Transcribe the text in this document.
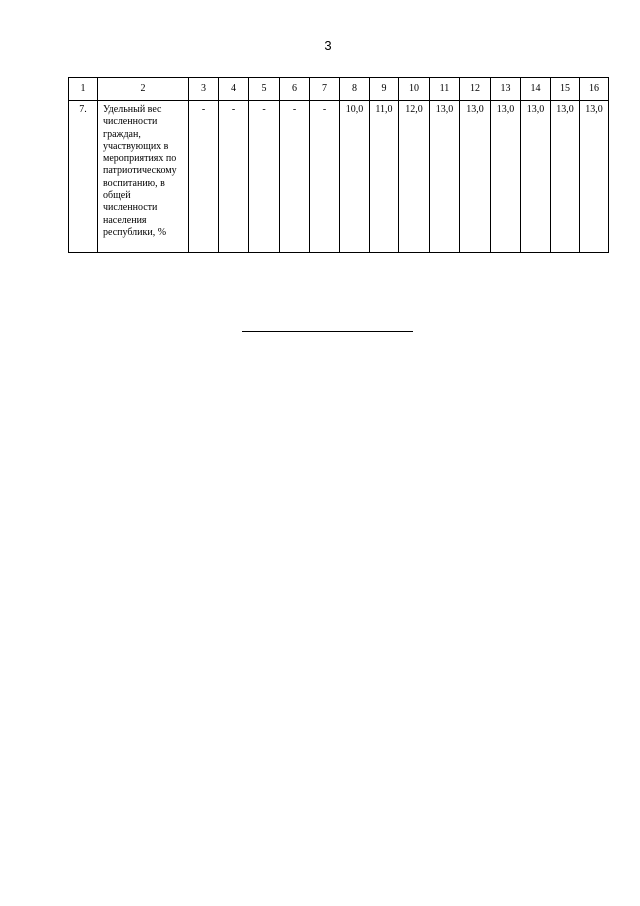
3
1	2	3	4	5	6	7	8	9	10	11	12	13	14	15	16
7.	Удельный вес численности граждан, участвующих в мероприятиях по патриотическому воспитанию, в общей численности населения республики, %	-	-	-	-	-	10,0	11,0	12,0	13,0	13,0	13,0	13,0	13,0	13,0
